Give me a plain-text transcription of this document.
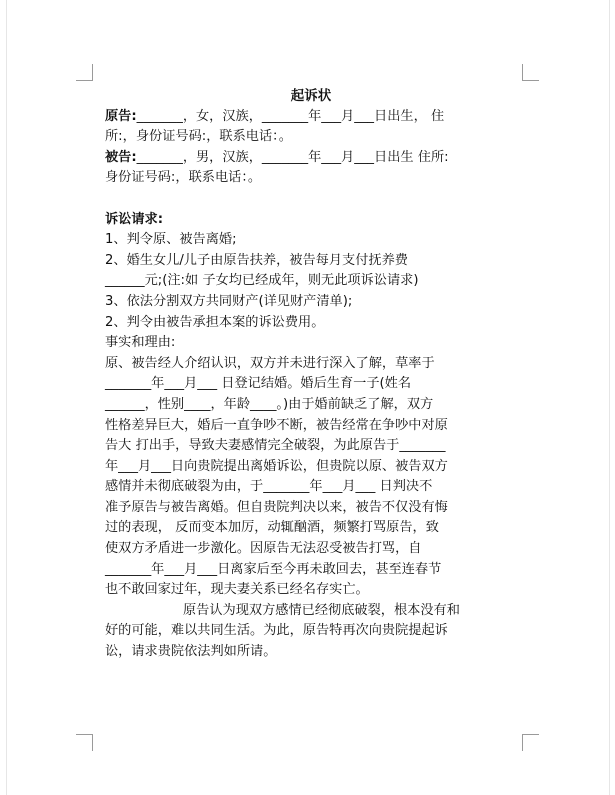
起诉状
原告:_______，女，汉族，_______年___月___日出生， 住
所:，身份证号码:，联系电话：。
被告:_______，男，汉族，_______年___月___日出生 住所:
身份证号码:，联系电话：。
诉讼请求:
1、判令原、被告离婚;
2、婚生女儿/儿子由原告扶养，被告每月支付抚养费
______元;(注:如 子女均已经成年，则无此项诉讼请求)
3、依法分割双方共同财产(详见财产清单);
2、判令由被告承担本案的诉讼费用。
事实和理由:
原、被告经人介绍认识，双方并未进行深入了解，草率于
_______年___月___ 日登记结婚。婚后生育一子(姓名
______，性别____，年龄____。)由于婚前缺乏了解，双方
性格差异巨大，婚后一直争吵不断，被告经常在争吵中对原
告大 打出手，导致夫妻感情完全破裂，为此原告于_______
年___月___日向贵院提出离婚诉讼，但贵院以原、被告双方
感情并未彻底破裂为由，于_______年___月___ 日判决不
准予原告与被告离婚。但自贵院判决以来，被告不仅没有悔
过的表现， 反而变本加厉，动辄酗酒，频繁打骂原告，致
使双方矛盾进一步激化。因原告无法忍受被告打骂，自
_______年___月___日离家后至今再未敢回去，甚至连春节
也不敢回家过年，现夫妻关系已经名存实亡。
原告认为现双方感情已经彻底破裂，根本没有和
好的可能，难以共同生活。为此，原告特再次向贵院提起诉
讼，请求贵院依法判如所请。
